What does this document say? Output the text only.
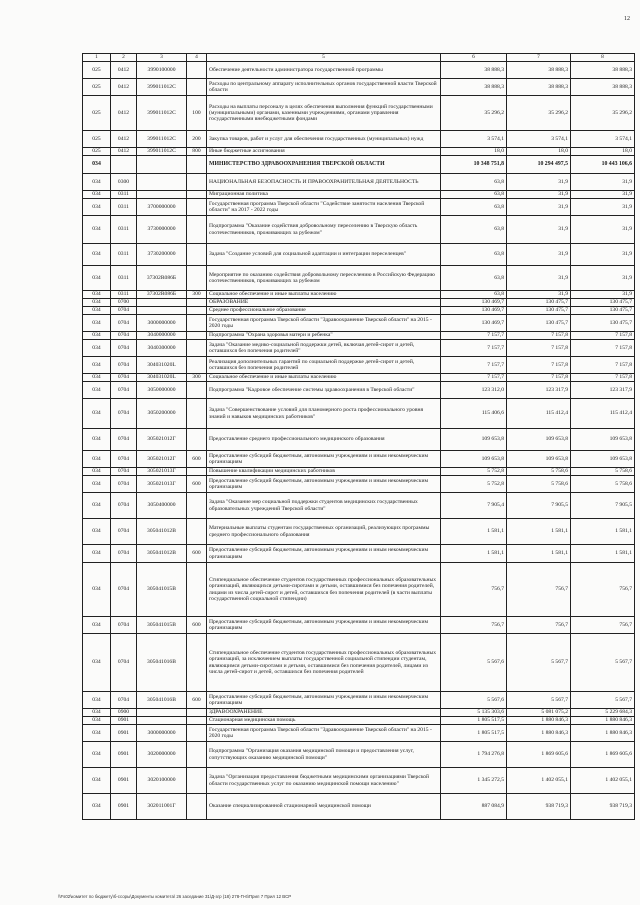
12
1	2	3	4	5	6	7	8
025	0412	3990100000		Обеспечение деятельности администратора государственной программы	38 888,3	38 888,3	38 888,3
025	0412	399011012С		Расходы по центральному аппарату исполнительных органов государственной власти Тверской области	38 888,3	38 888,3	38 888,3
025	0412	399011012С	100	Расходы на выплаты персоналу в целях обеспечения выполнения функций государственными (муниципальными) органами, казенными учреждениями, органами управления государственными внебюджетными фондами	35 296,2	35 296,2	35 296,2
025	0412	399011012С	200	Закупка товаров, работ и услуг для обеспечения государственных (муниципальных) нужд	3 574,1	3 574,1	3 574,1
025	0412	399011012С	800	Иные бюджетные ассигнования	18,0	18,0	18,0
034				МИНИСТЕРСТВО ЗДРАВООХРАНЕНИЯ ТВЕРСКОЙ ОБЛАСТИ	10 348 751,8	10 294 497,5	10 443 106,6
034	0300			НАЦИОНАЛЬНАЯ БЕЗОПАСНОСТЬ И ПРАВООХРАНИТЕЛЬНАЯ ДЕЯТЕЛЬНОСТЬ	63,8	31,9	31,9
034	0311			Миграционная политика	63,8	31,9	31,9
034	0311	3700000000		Государственная программа Тверской области "Содействие занятости населения Тверской области" на 2017 - 2022 годы	63,8	31,9	31,9
034	0311	3730000000		Подпрограмма "Оказание содействия добровольному переселению в Тверскую область соотечественников, проживающих за рубежом"	63,8	31,9	31,9
034	0311	3730200000		Задача "Создание условий для социальной адаптации и интеграции переселенцев"	63,8	31,9	31,9
034	0311	37302R086Б		Мероприятие по оказанию содействия добровольному переселению в Российскую Федерацию соотечественников, проживающих за рубежом	63,8	31,9	31,9
034	0311	37302R086Б	300	Социальное обеспечение и иные выплаты населению	63,8	31,9	31,9
034	0700			ОБРАЗОВАНИЕ	130 469,7	130 475,7	130 475,7
034	0704			Среднее профессиональное образование	130 469,7	130 475,7	130 475,7
034	0704	3000000000		Государственная программа Тверской области "Здравоохранение Тверской области" на 2015 - 2020 годы	130 469,7	130 475,7	130 475,7
034	0704	3040000000		Подпрограмма "Охрана здоровья матери и ребенка"	7 157,7	7 157,8	7 157,8
034	0704	3040300000		Задача "Оказание медико-социальной поддержки детей, включая детей-сирот и детей, оставшихся без попечения родителей"	7 157,7	7 157,8	7 157,8
034	0704	304031020L		Реализация дополнительных гарантий по социальной поддержке детей-сирот и детей, оставшихся без попечения родителей	7 157,7	7 157,8	7 157,8
034	0704	304031020L	300	Социальное обеспечение и иные выплаты населению	7 157,7	7 157,8	7 157,8
034	0704	3050000000		Подпрограмма "Кадровое обеспечение системы здравоохранения в Тверской области"	123 312,0	123 317,9	123 317,9
034	0704	3050200000		Задача "Совершенствование условий для планомерного роста профессионального уровня знаний и навыков медицинских работников"	115 406,6	115 412,4	115 412,4
034	0704	305021012Г		Предоставление среднего профессионального медицинского образования	109 653,8	109 653,8	109 653,8
034	0704	305021012Г	600	Предоставление субсидий бюджетным, автономным учреждениям и иным некоммерческим организациям	109 653,8	109 653,8	109 653,8
034	0704	305021013Г		Повышение квалификации медицинских работников	5 752,8	5 758,6	5 758,6
034	0704	305021013Г	600	Предоставление субсидий бюджетным, автономным учреждениям и иным некоммерческим организациям	5 752,8	5 758,6	5 758,6
034	0704	3050400000		Задача "Оказание мер социальной поддержки студентов медицинских государственных образовательных учреждений Тверской области"	7 905,4	7 905,5	7 905,5
034	0704	305041012В		Материальные выплаты студентам государственных организаций, реализующих программы среднего профессионального образования	1 581,1	1 581,1	1 581,1
034	0704	305041012В	600	Предоставление субсидий бюджетным, автономным учреждениям и иным некоммерческим организациям	1 581,1	1 581,1	1 581,1
034	0704	305041015В		Стипендиальное обеспечение студентов государственных профессиональных образовательных организаций, являющихся детьми-сиротами и детьми, оставшимися без попечения родителей, лицами из числа детей-сирот и детей, оставшихся без попечения родителей (в части выплаты государственной социальной стипендии)	756,7	756,7	756,7
034	0704	305041015В	600	Предоставление субсидий бюджетным, автономным учреждениям и иным некоммерческим организациям	756,7	756,7	756,7
034	0704	305041016В		Стипендиальное обеспечение студентов государственных профессиональных образовательных организаций, за исключением выплаты государственной социальной стипендии студентам, являющимся детьми-сиротами и детьми, оставшимися без попечения родителей, лицами из числа детей-сирот и детей, оставшихся без попечения родителей	5 567,6	5 567,7	5 567,7
034	0704	305041016В	600	Предоставление субсидий бюджетным, автономным учреждениям и иным некоммерческим организациям	5 567,6	5 567,7	5 567,7
034	0900			ЗДРАВООХРАНЕНИЕ	5 135 303,6	5 081 075,2	5 229 684,3
034	0901			Стационарная медицинская помощь	1 805 517,5	1 880 846,3	1 880 846,3
034	0901	3000000000		Государственная программа Тверской области "Здравоохранение Тверской области" на 2015 - 2020 годы	1 805 517,5	1 880 846,3	1 880 846,3
034	0901	3020000000		Подпрограмма "Организация оказания медицинской помощи и предоставления услуг, сопутствующих оказанию медицинской помощи"	1 794 276,8	1 869 605,6	1 869 605,6
034	0901	3020100000		Задача "Организация предоставления бюджетными медицинскими организациями Тверской области государственных услуг по оказанию медицинской помощи населению"	1 345 272,5	1 402 055,1	1 402 055,1
034	0901	302011001Г		Оказание специализированной стационарной медицинской помощи	887 084,9	938 719,3	938 719,3
\\Fs02\комитет по бюджету\б-ссоры\Документы комитета\ 26 заседание 31\Д-згр (18) 278-П-6\Прил 7 Прил 12 ВСР
